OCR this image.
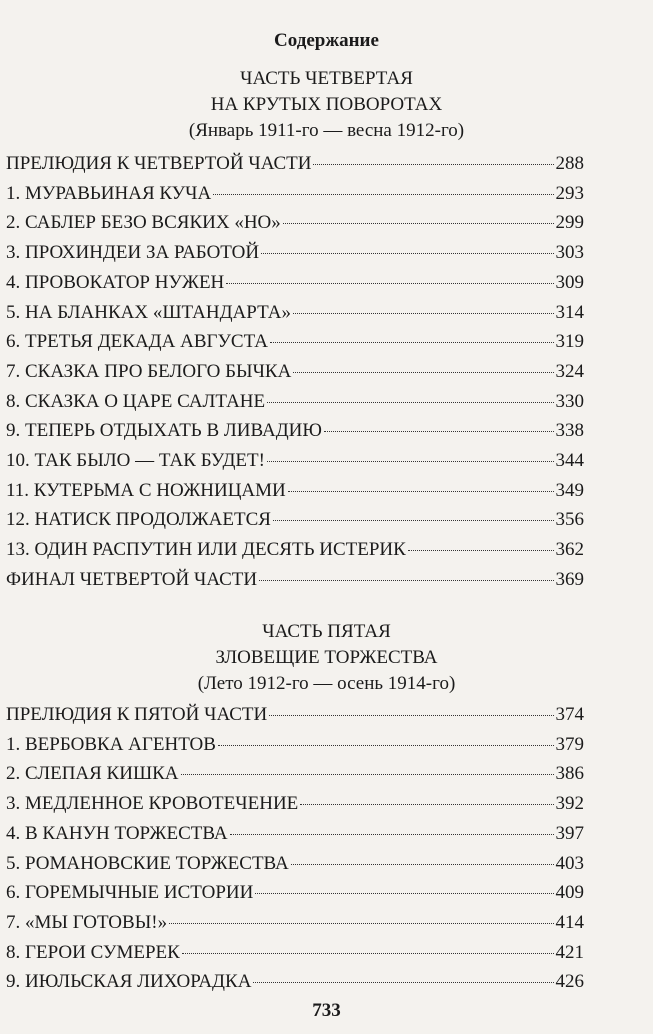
Содержание
ЧАСТЬ ЧЕТВЕРТАЯ
НА КРУТЫХ ПОВОРОТАХ
(Январь 1911-го — весна 1912-го)
ПРЕЛЮДИЯ К ЧЕТВЕРТОЙ ЧАСТИ	288
1. МУРАВЬИНАЯ КУЧА	293
2. САБЛЕР БЕЗО ВСЯКИХ «НО»	299
3. ПРОХИНДЕИ ЗА РАБОТОЙ	303
4. ПРОВОКАТОР НУЖЕН	309
5. НА БЛАНКАХ «ШТАНДАРТА»	314
6. ТРЕТЬЯ ДЕКАДА АВГУСТА	319
7. СКАЗКА ПРО БЕЛОГО БЫЧКА	324
8. СКАЗКА О ЦАРЕ САЛТАНЕ	330
9. ТЕПЕРЬ ОТДЫХАТЬ В ЛИВАДИЮ	338
10. ТАК БЫЛО — ТАК БУДЕТ!	344
11. КУТЕРЬМА С НОЖНИЦАМИ	349
12. НАТИСК ПРОДОЛЖАЕТСЯ	356
13. ОДИН РАСПУТИН ИЛИ ДЕСЯТЬ ИСТЕРИК	362
ФИНАЛ ЧЕТВЕРТОЙ ЧАСТИ	369
ЧАСТЬ ПЯТАЯ
ЗЛОВЕЩИЕ ТОРЖЕСТВА
(Лето 1912-го — осень 1914-го)
ПРЕЛЮДИЯ К ПЯТОЙ ЧАСТИ	374
1. ВЕРБОВКА АГЕНТОВ	379
2. СЛЕПАЯ КИШКА	386
3. МЕДЛЕННОЕ КРОВОТЕЧЕНИЕ	392
4. В КАНУН ТОРЖЕСТВА	397
5. РОМАНОВСКИЕ ТОРЖЕСТВА	403
6. ГОРЕМЫЧНЫЕ ИСТОРИИ	409
7. «МЫ ГОТОВЫ!»	414
8. ГЕРОИ СУМЕРЕК	421
9. ИЮЛЬСКАЯ ЛИХОРАДКА	426
733
